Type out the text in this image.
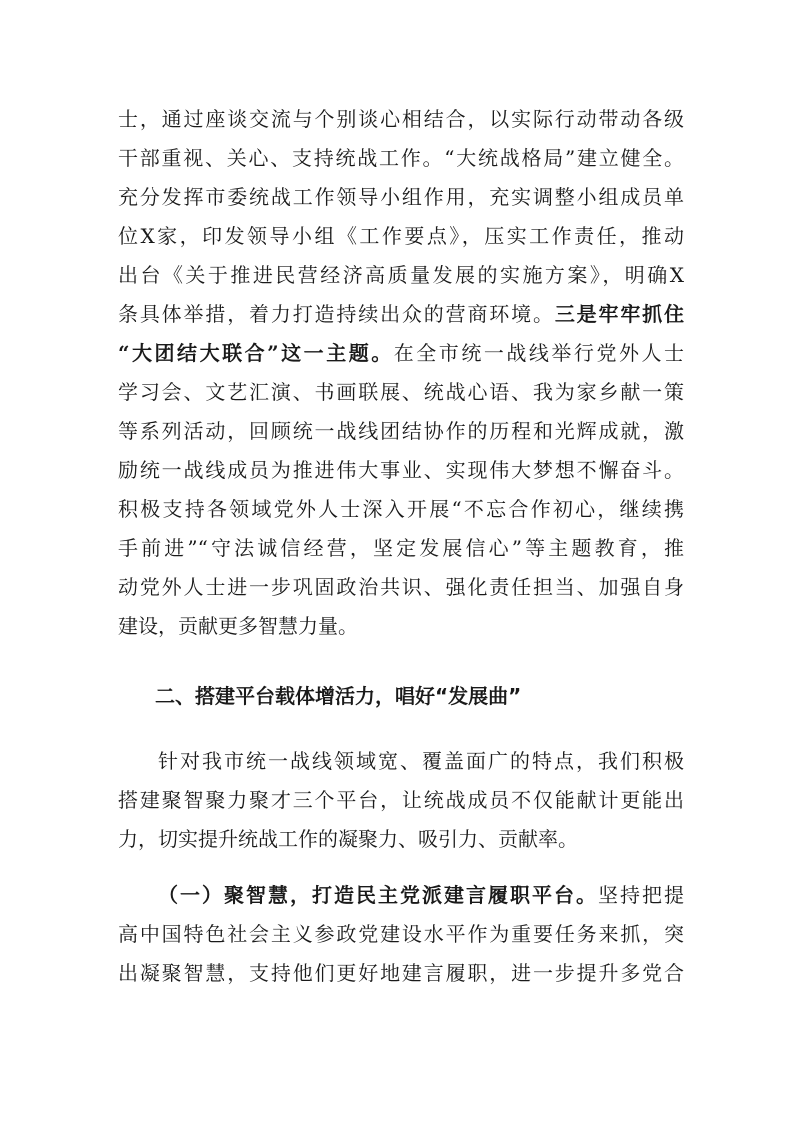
士，通过座谈交流与个别谈心相结合，以实际行动带动各级
干部重视、关心、支持统战工作。“大统战格局”建立健全。
充分发挥市委统战工作领导小组作用，充实调整小组成员单
位X家，印发领导小组《工作要点》，压实工作责任，推动
出台《关于推进民营经济高质量发展的实施方案》，明确X
条具体举措，着力打造持续出众的营商环境。三是牢牢抓住
“大团结大联合”这一主题。在全市统一战线举行党外人士
学习会、文艺汇演、书画联展、统战心语、我为家乡献一策
等系列活动，回顾统一战线团结协作的历程和光辉成就，激
励统一战线成员为推进伟大事业、实现伟大梦想不懈奋斗。
积极支持各领域党外人士深入开展“不忘合作初心，继续携
手前进”“守法诚信经营，坚定发展信心”等主题教育，推
动党外人士进一步巩固政治共识、强化责任担当、加强自身
建设，贡献更多智慧力量。
二、搭建平台载体增活力，唱好“发展曲”
针对我市统一战线领域宽、覆盖面广的特点，我们积极
搭建聚智聚力聚才三个平台，让统战成员不仅能献计更能出
力，切实提升统战工作的凝聚力、吸引力、贡献率。
（一）聚智慧，打造民主党派建言履职平台。坚持把提
高中国特色社会主义参政党建设水平作为重要任务来抓，突
出凝聚智慧，支持他们更好地建言履职，进一步提升多党合
